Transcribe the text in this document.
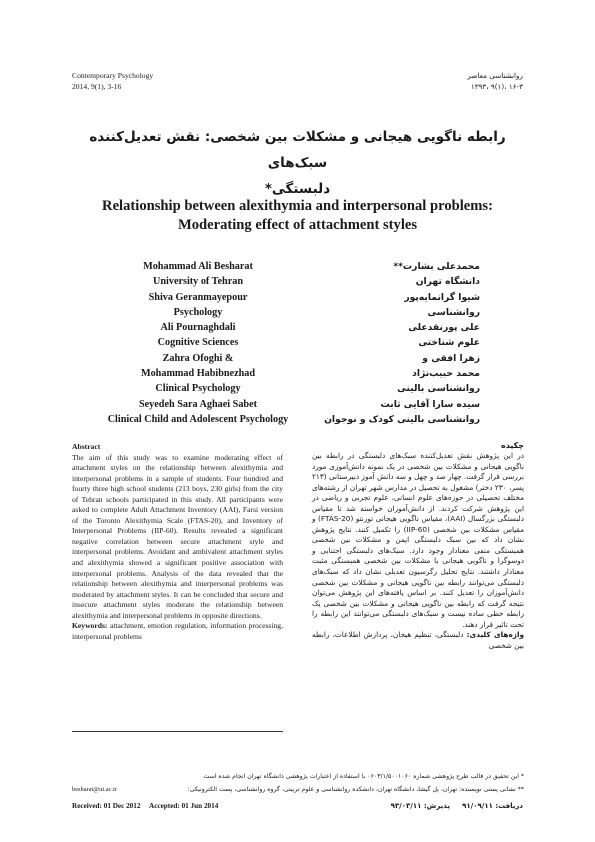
Contemporary Psychology
2014, 9(1), 3-16
روانشناسی معاصر
۱۳۹۳، ۹(۱)، ۱۶-۳
رابطه ناگویی هیجانی و مشکلات بین شخصی: نقش تعدیل‌کننده سبک‌های
دلبستگی*
Relationship between alexithymia and interpersonal problems:
Moderating effect of attachment styles
Mohammad Ali Besharat
University of Tehran
Shiva Geranmayepour
Psychology
Ali Pournaghdali
Cognitive Sciences
Zahra Ofoghi &
Mohammad Habibnezhad
Clinical Psychology
Seyedeh Sara Aghaei Sabet
Clinical Child and Adolescent Psychology
محمدعلی بشارت**
دانشگاه تهران
شیوا گرانمایه‌پور
روانشناسی
علی پورنقدعلی
علوم شناختی
زهرا افقی و
محمد حبیب‌نژاد
روانشناسی بالینی
سیده سارا آقایی ثابت
روانشناسی بالینی کودک و نوجوان
Abstract

The aim of this study was to examine moderating effect of attachment styles on the relationship between alexithymia and interpersonal problems in a sample of students. Four hundred and fourty three high school students (213 boys, 230 girls) from the city of Tehran schools participated in this study. All participants were asked to complete Adult Attachment Inventory (AAI), Farsi version of the Toronto Alexithymia Scale (FTAS-20), and Inventory of Interpersonal Problems (IIP-60). Results revealed a significant negative correlation between secure attachment style and interpersonal problems. Avoidant and ambivalent attachment styles and alexithymia showed a significant positive association with interpersonal problems. Analysis of the data revealed that the relationship between alexithymia and interpersonal problems was moderated by attachment styles. It can be concluded that secure and insecure attachment styles moderate the relationship between alexithymia and interpersonal problems in opposite directions.

Keywords: attachment, emotion regulation, information processing, interpersonal problems

چکیده

در این پژوهش نقش تعدیل‌کننده سبک‌های دلبستگی در رابطه بین ناگویی هیجانی و مشکلات بین شخصی در یک نمونه دانش‌آموزی مورد بررسی قرار گرفت. چهار صد و چهل و سه دانش آموز دبیرستانی (۲۱۳ پسر، ۲۳۰ دختر) مشغول به تحصیل در مدارس شهر تهران از رشته‌های مختلف تحصیلی در حوزه‌های علوم انسانی، علوم تجربی و ریاضی در این پژوهش شرکت کردند. از دانش‌آموزان خواسته شد تا مقیاس دلبستگی بزرگسال (AAI)، مقیاس ناگویی هیجانی تورنتو (FTAS-20) و مقیاس مشکلات بین شخصی (IIP-60) را تکمیل کنند. نتایج پژوهش نشان داد که بین سبک دلبستگی ایمن و مشکلات بین شخصی همبستگی منفی معنادار وجود دارد. سبک‌های دلبستگی اجتنابی و دوسوگرا و ناگویی هیجانی با مشکلات بین شخصی همبستگی مثبت معنادار داشتند. نتایج تحلیل رگرسیون تعدیلی نشان داد که سبک‌های دلبستگی می‌توانند رابطه بین ناگویی هیجانی و مشکلات بین شخصی دانش‌آموزان را تعدیل کنند. بر اساس یافته‌های این پژوهش می‌توان نتیجه گرفت که رابطه بین ناگویی هیجانی و مشکلات بین شخصی یک رابطه خطی ساده نیست و سبک‌های دلبستگی می‌توانند این رابطه را تحت تاثیر قرار دهند.

واژه‌های کلیدی: دلبستگی، تنظیم هیجان، پردازش اطلاعات، رابطه بین شخصی

* این تحقیق در قالب طرح پژوهشی شماره ۰۶۰۳/۱/۵۰۰۱۰۶۰ با استفاده از اعتبارات پژوهشی دانشگاه تهران انجام شده است
** نشانی پستی نویسنده: تهران، پل گیشا، دانشگاه تهران، دانشکده روانشناسی و علوم تربیتی، گروه روانشناسی، پست الکترونیکی:
besharat@ut.ac.ir
Received: 01 Dec 2012     Accepted: 01 Jun 2014	دریافت: ۹۱/۰۹/۱۱     پذیرش: ۹۳/۰۳/۱۱
